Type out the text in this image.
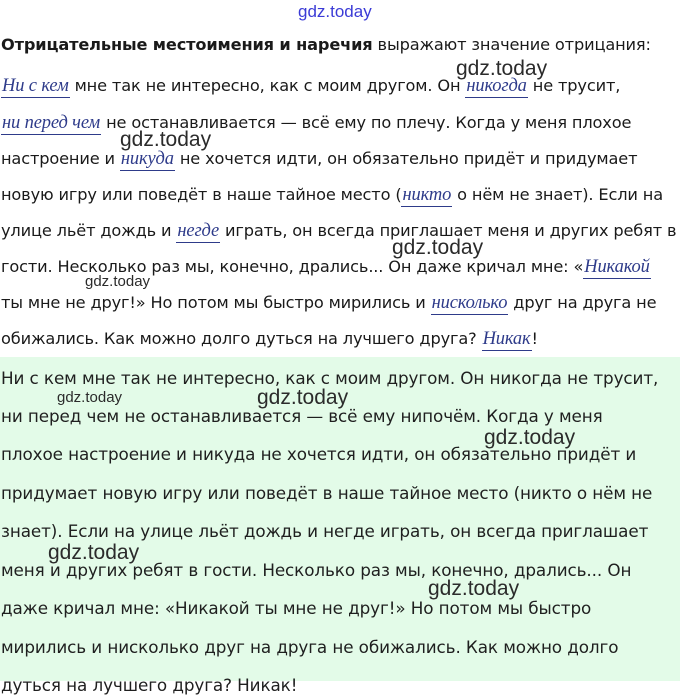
gdz.today
Отрицательные местоимения и наречия выражают значение отрицания:
Ни с кем мне так не интересно, как с моим другом. Он никогда не трусит,
ни перед чем не останавливается — всё ему по плечу. Когда у меня плохое
настроение и никуда не хочется идти, он обязательно придёт и придумает
новую игру или поведёт в наше тайное место (никто о нём не знает). Если на
улице льёт дождь и негде играть, он всегда приглашает меня и других ребят в
гости. Несколько раз мы, конечно, дрались... Он даже кричал мне: «Никакой
ты мне не друг!» Но потом мы быстро мирились и нисколько друг на друга не
обижались. Как можно долго дуться на лучшего друга? Никак!
Ни с кем мне так не интересно, как с моим другом. Он никогда не трусит,
ни перед чем не останавливается — всё ему нипочём. Когда у меня
плохое настроение и никуда не хочется идти, он обязательно придёт и
придумает новую игру или поведёт в наше тайное место (никто о нём не
знает). Если на улице льёт дождь и негде играть, он всегда приглашает
меня и других ребят в гости. Несколько раз мы, конечно, дрались... Он
даже кричал мне: «Никакой ты мне не друг!» Но потом мы быстро
мирились и нисколько друг на друга не обижались. Как можно долго
дуться на лучшего друга? Никак!
gdz.today
gdz.today
gdz.today
gdz.today
gdz.today	gdz.today
gdz.today
gdz.today
gdz.today
